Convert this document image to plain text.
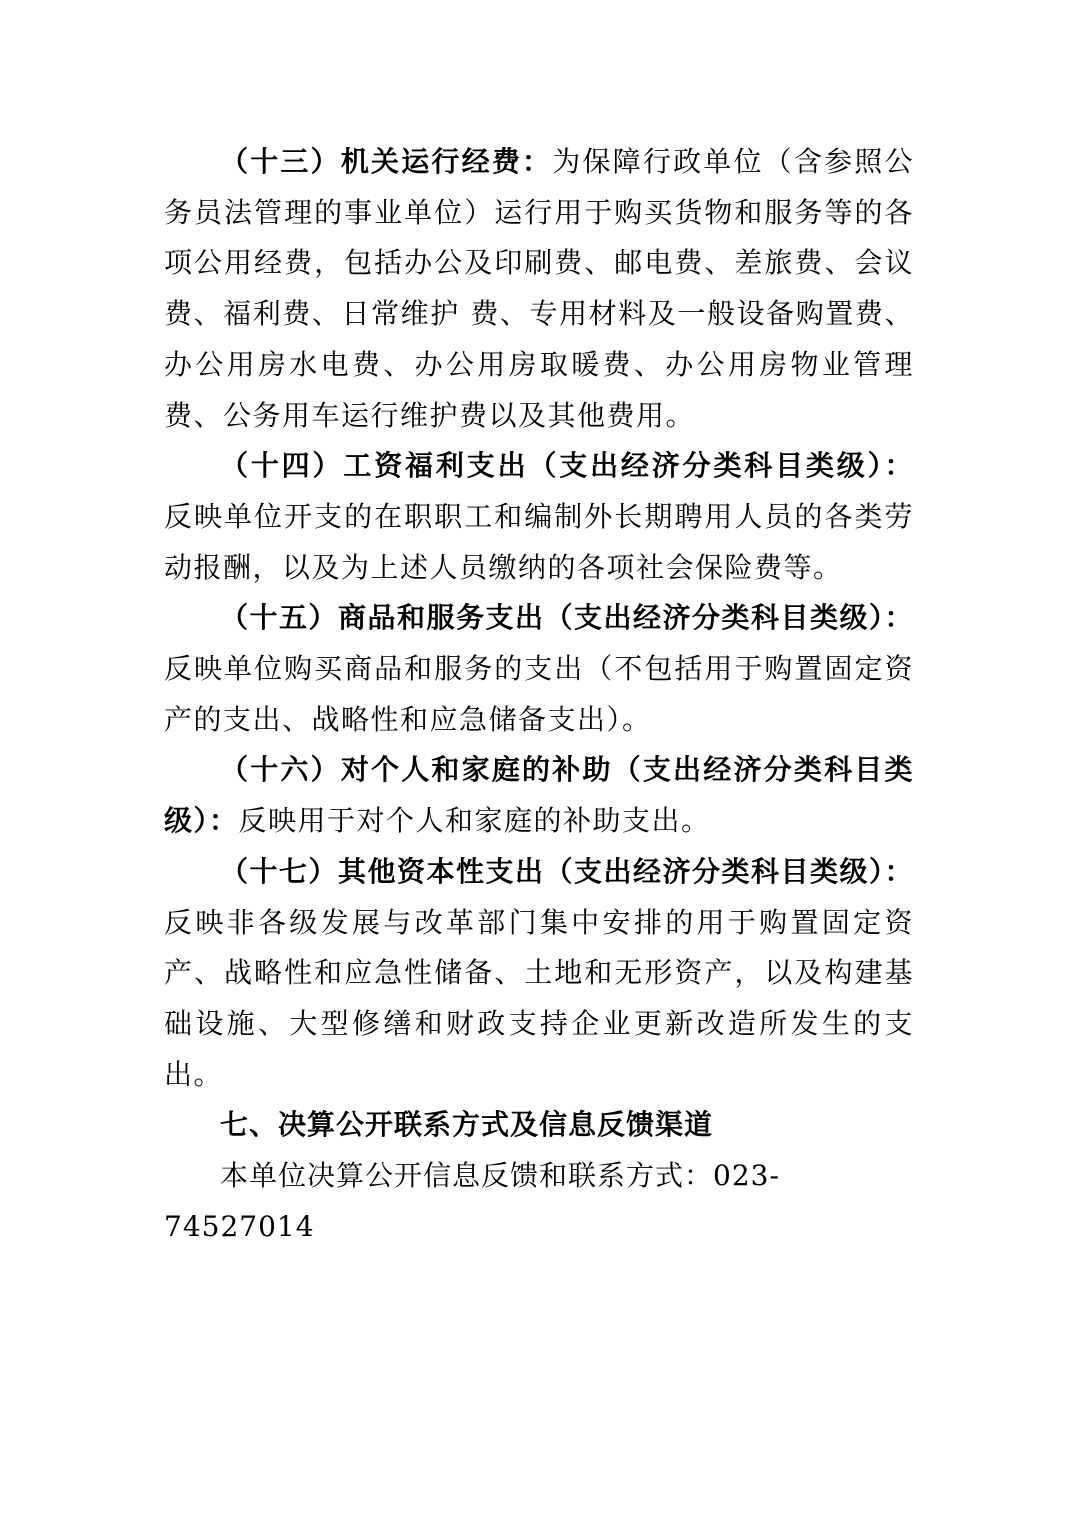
（十三）机关运行经费：为保障行政单位（含参照公务员法管理的事业单位）运行用于购买货物和服务等的各项公用经费，包括办公及印刷费、邮电费、差旅费、会议费、福利费、日常维护 费、专用材料及一般设备购置费、办公用房水电费、办公用房取暖费、办公用房物业管理费、公务用车运行维护费以及其他费用。

（十四）工资福利支出（支出经济分类科目类级）：反映单位开支的在职职工和编制外长期聘用人员的各类劳动报酬，以及为上述人员缴纳的各项社会保险费等。

（十五）商品和服务支出（支出经济分类科目类级）：反映单位购买商品和服务的支出（不包括用于购置固定资产的支出、战略性和应急储备支出）。

（十六）对个人和家庭的补助（支出经济分类科目类级）：反映用于对个人和家庭的补助支出。

（十七）其他资本性支出（支出经济分类科目类级）：反映非各级发展与改革部门集中安排的用于购置固定资产、战略性和应急性储备、土地和无形资产，以及构建基础设施、大型修缮和财政支持企业更新改造所发生的支出。

七、决算公开联系方式及信息反馈渠道

本单位决算公开信息反馈和联系方式：023-74527014
